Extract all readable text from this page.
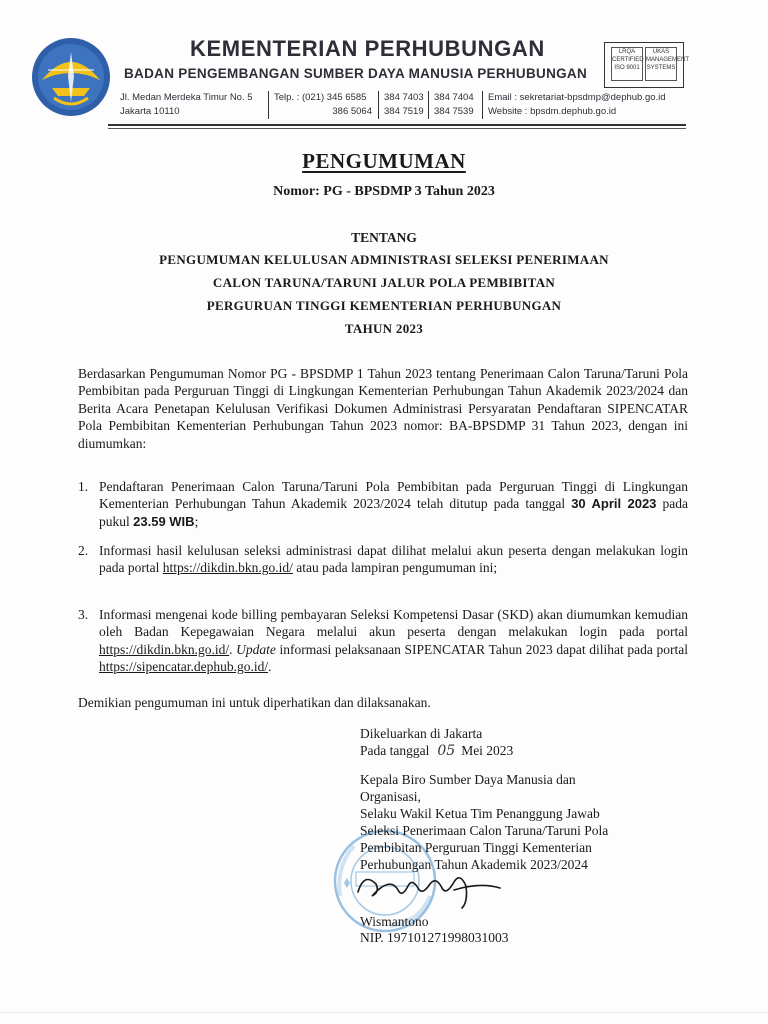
KEMENTERIAN PERHUBUNGAN
BADAN PENGEMBANGAN SUMBER DAYA MANUSIA PERHUBUNGAN
LRQA CERTIFIED ISO 9001
UKAS MANAGEMENT SYSTEMS
Jl. Medan Merdeka Timur No. 5
Jakarta 10110
Telp. : (021) 345 6585
386 5064
384 7403
384 7519
384 7404
384 7539
Email : sekretariat-bpsdmp@dephub.go.id
Website : bpsdm.dephub.go.id
PENGUMUMAN
Nomor: PG - BPSDMP 3 Tahun 2023
TENTANG
PENGUMUMAN KELULUSAN ADMINISTRASI SELEKSI PENERIMAAN
CALON TARUNA/TARUNI JALUR POLA PEMBIBITAN
PERGURUAN TINGGI KEMENTERIAN PERHUBUNGAN
TAHUN 2023
Berdasarkan Pengumuman Nomor PG - BPSDMP 1 Tahun 2023 tentang Penerimaan Calon Taruna/Taruni Pola Pembibitan pada Perguruan Tinggi di Lingkungan Kementerian Perhubungan Tahun Akademik 2023/2024 dan Berita Acara Penetapan Kelulusan Verifikasi Dokumen Administrasi Persyaratan Pendaftaran SIPENCATAR Pola Pembibitan Kementerian Perhubungan Tahun 2023 nomor: BA-BPSDMP 31 Tahun 2023, dengan ini diumumkan:
1. Pendaftaran Penerimaan Calon Taruna/Taruni Pola Pembibitan pada Perguruan Tinggi di Lingkungan Kementerian Perhubungan Tahun Akademik 2023/2024 telah ditutup pada tanggal 30 April 2023 pada pukul 23.59 WIB;
2. Informasi hasil kelulusan seleksi administrasi dapat dilihat melalui akun peserta dengan melakukan login pada portal https://dikdin.bkn.go.id/ atau pada lampiran pengumuman ini;
3. Informasi mengenai kode billing pembayaran Seleksi Kompetensi Dasar (SKD) akan diumumkan kemudian oleh Badan Kepegawaian Negara melalui akun peserta dengan melakukan login pada portal https://dikdin.bkn.go.id/. Update informasi pelaksanaan SIPENCATAR Tahun 2023 dapat dilihat pada portal https://sipencatar.dephub.go.id/.
Demikian pengumuman ini untuk diperhatikan dan dilaksanakan.
Dikeluarkan di Jakarta
Pada tanggal 05 Mei 2023
Kepala Biro Sumber Daya Manusia dan
Organisasi,
Selaku Wakil Ketua Tim Penanggung Jawab
Seleksi Penerimaan Calon Taruna/Taruni Pola
Pembibitan Perguruan Tinggi Kementerian
Perhubungan Tahun Akademik 2023/2024
Wismantono
NIP. 197101271998031003
